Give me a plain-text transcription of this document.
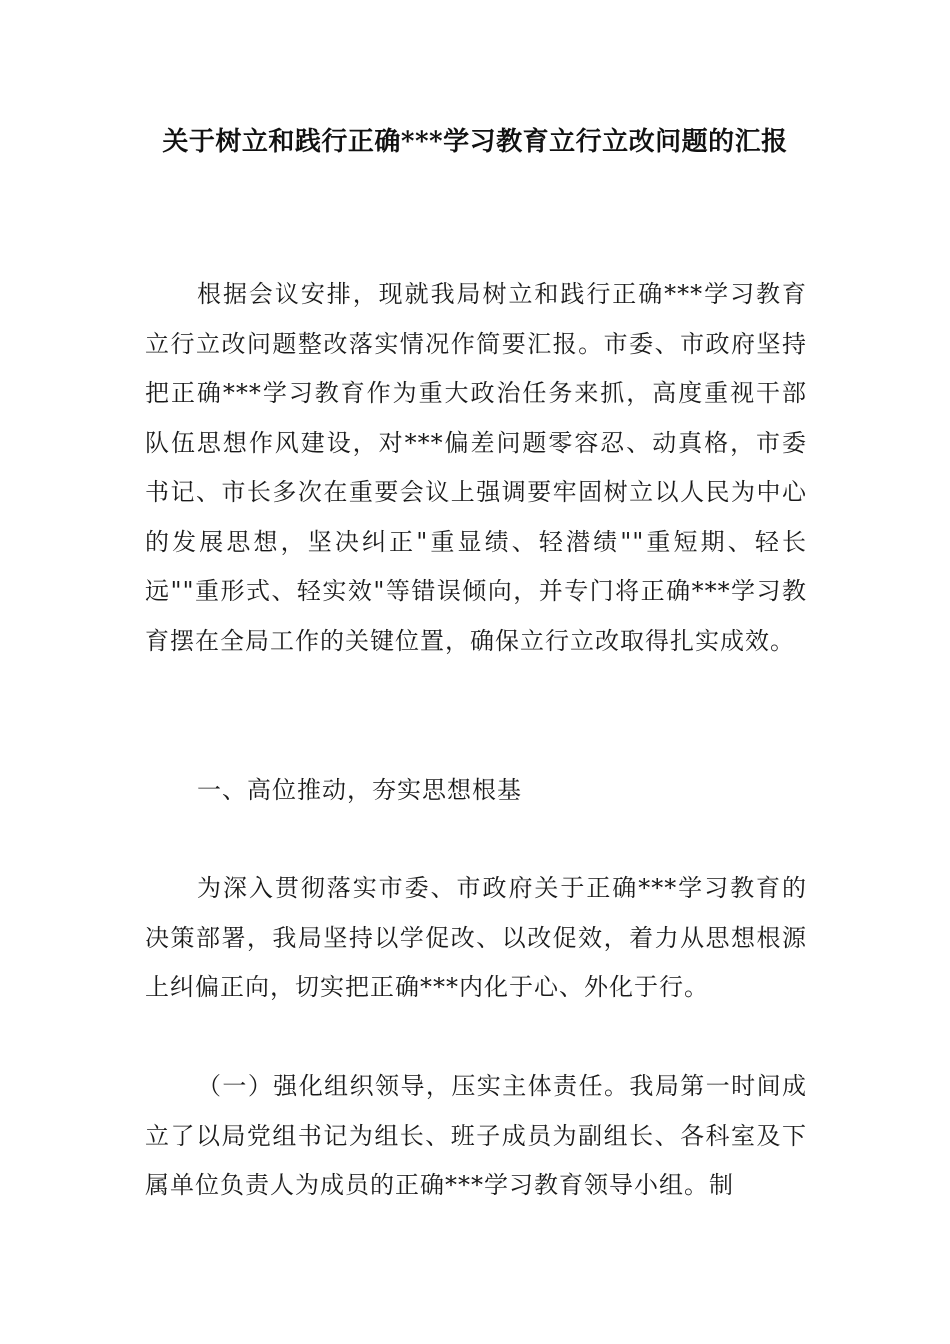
关于树立和践行正确***学习教育立行立改问题的汇报

根据会议安排，现就我局树立和践行正确***学习教育立行立改问题整改落实情况作简要汇报。市委、市政府坚持把正确***学习教育作为重大政治任务来抓，高度重视干部队伍思想作风建设，对***偏差问题零容忍、动真格，市委书记、市长多次在重要会议上强调要牢固树立以人民为中心的发展思想，坚决纠正"重显绩、轻潜绩""重短期、轻长远""重形式、轻实效"等错误倾向，并专门将正确***学习教育摆在全局工作的关键位置，确保立行立改取得扎实成效。

一、高位推动，夯实思想根基

为深入贯彻落实市委、市政府关于正确***学习教育的决策部署，我局坚持以学促改、以改促效，着力从思想根源上纠偏正向，切实把正确***内化于心、外化于行。

（一）强化组织领导，压实主体责任。我局第一时间成立了以局党组书记为组长、班子成员为副组长、各科室及下属单位负责人为成员的正确***学习教育领导小组。制
